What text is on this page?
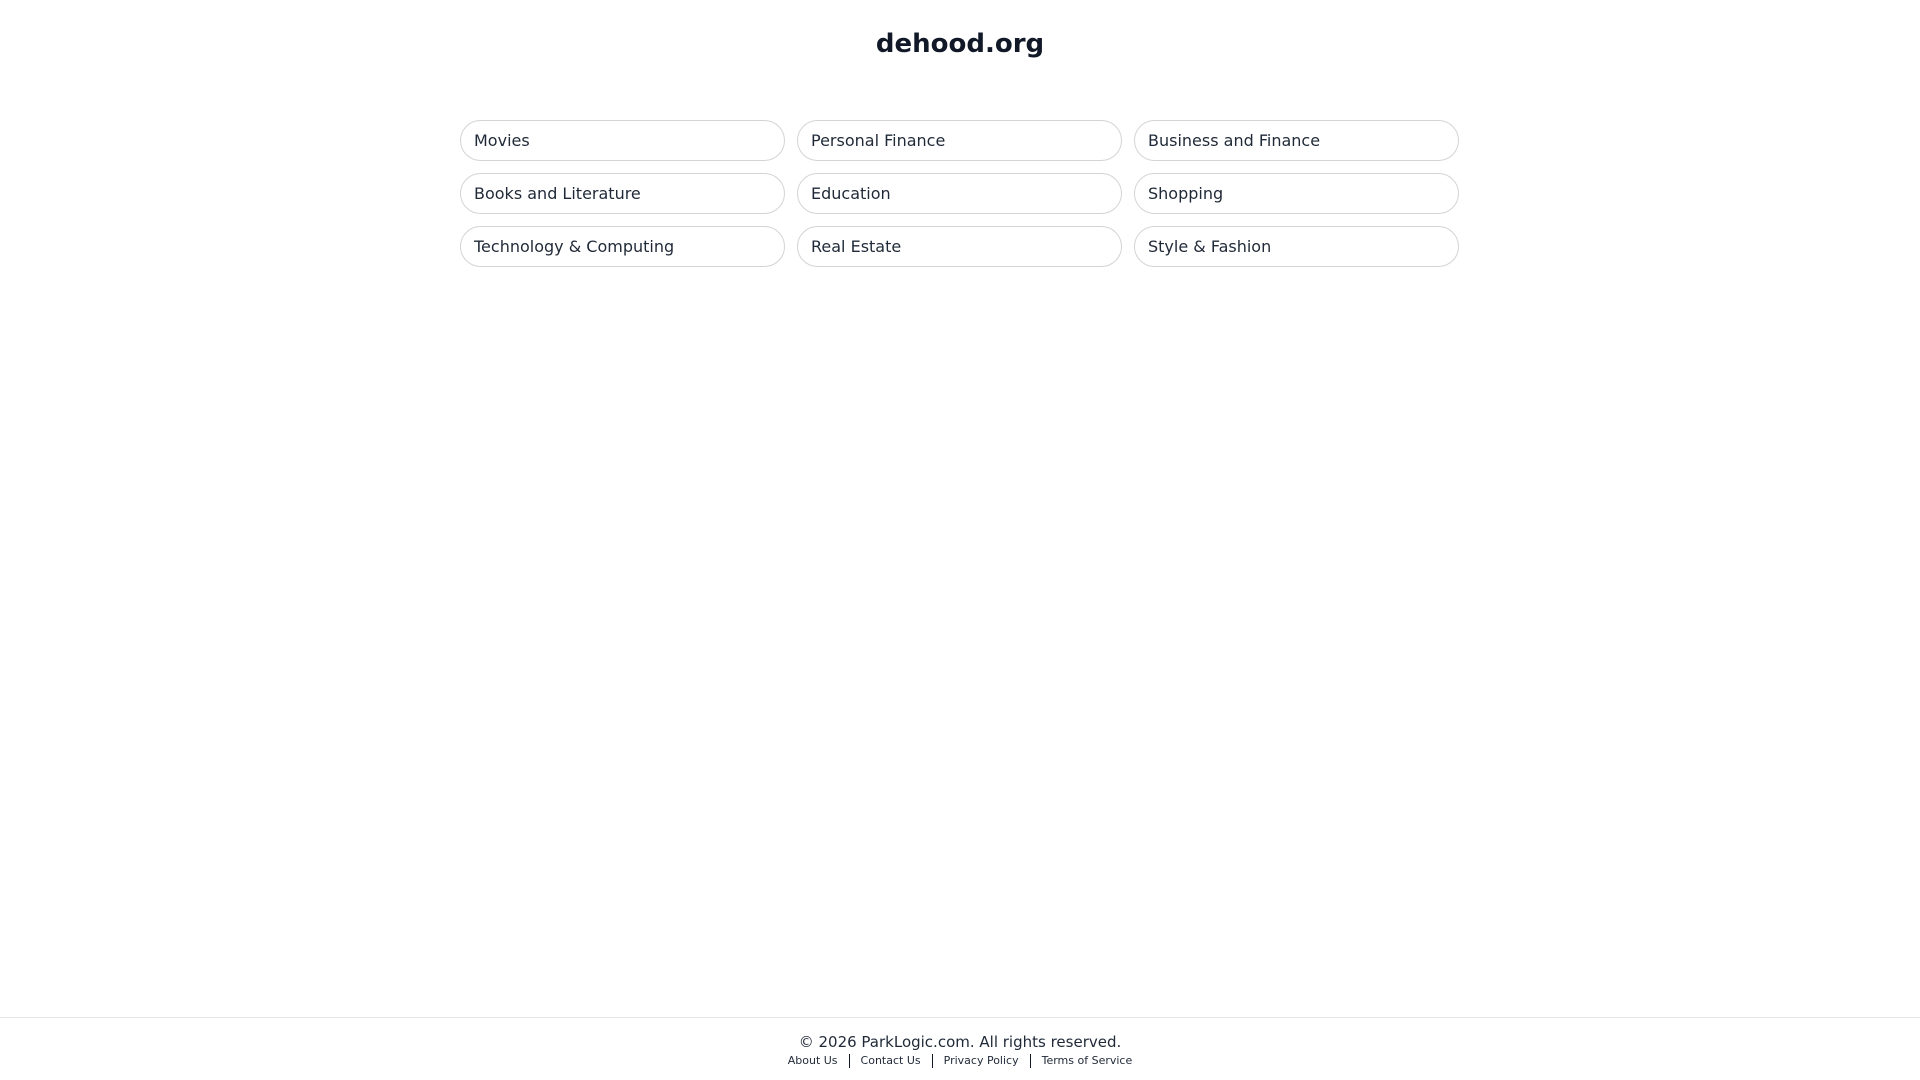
dehood.org
Movies	Personal Finance	Business and Finance
Books and Literature	Education	Shopping
Technology & Computing	Real Estate	Style & Fashion
© 2026 ParkLogic.com. All rights reserved.
About Us Contact Us Privacy Policy Terms of Service
